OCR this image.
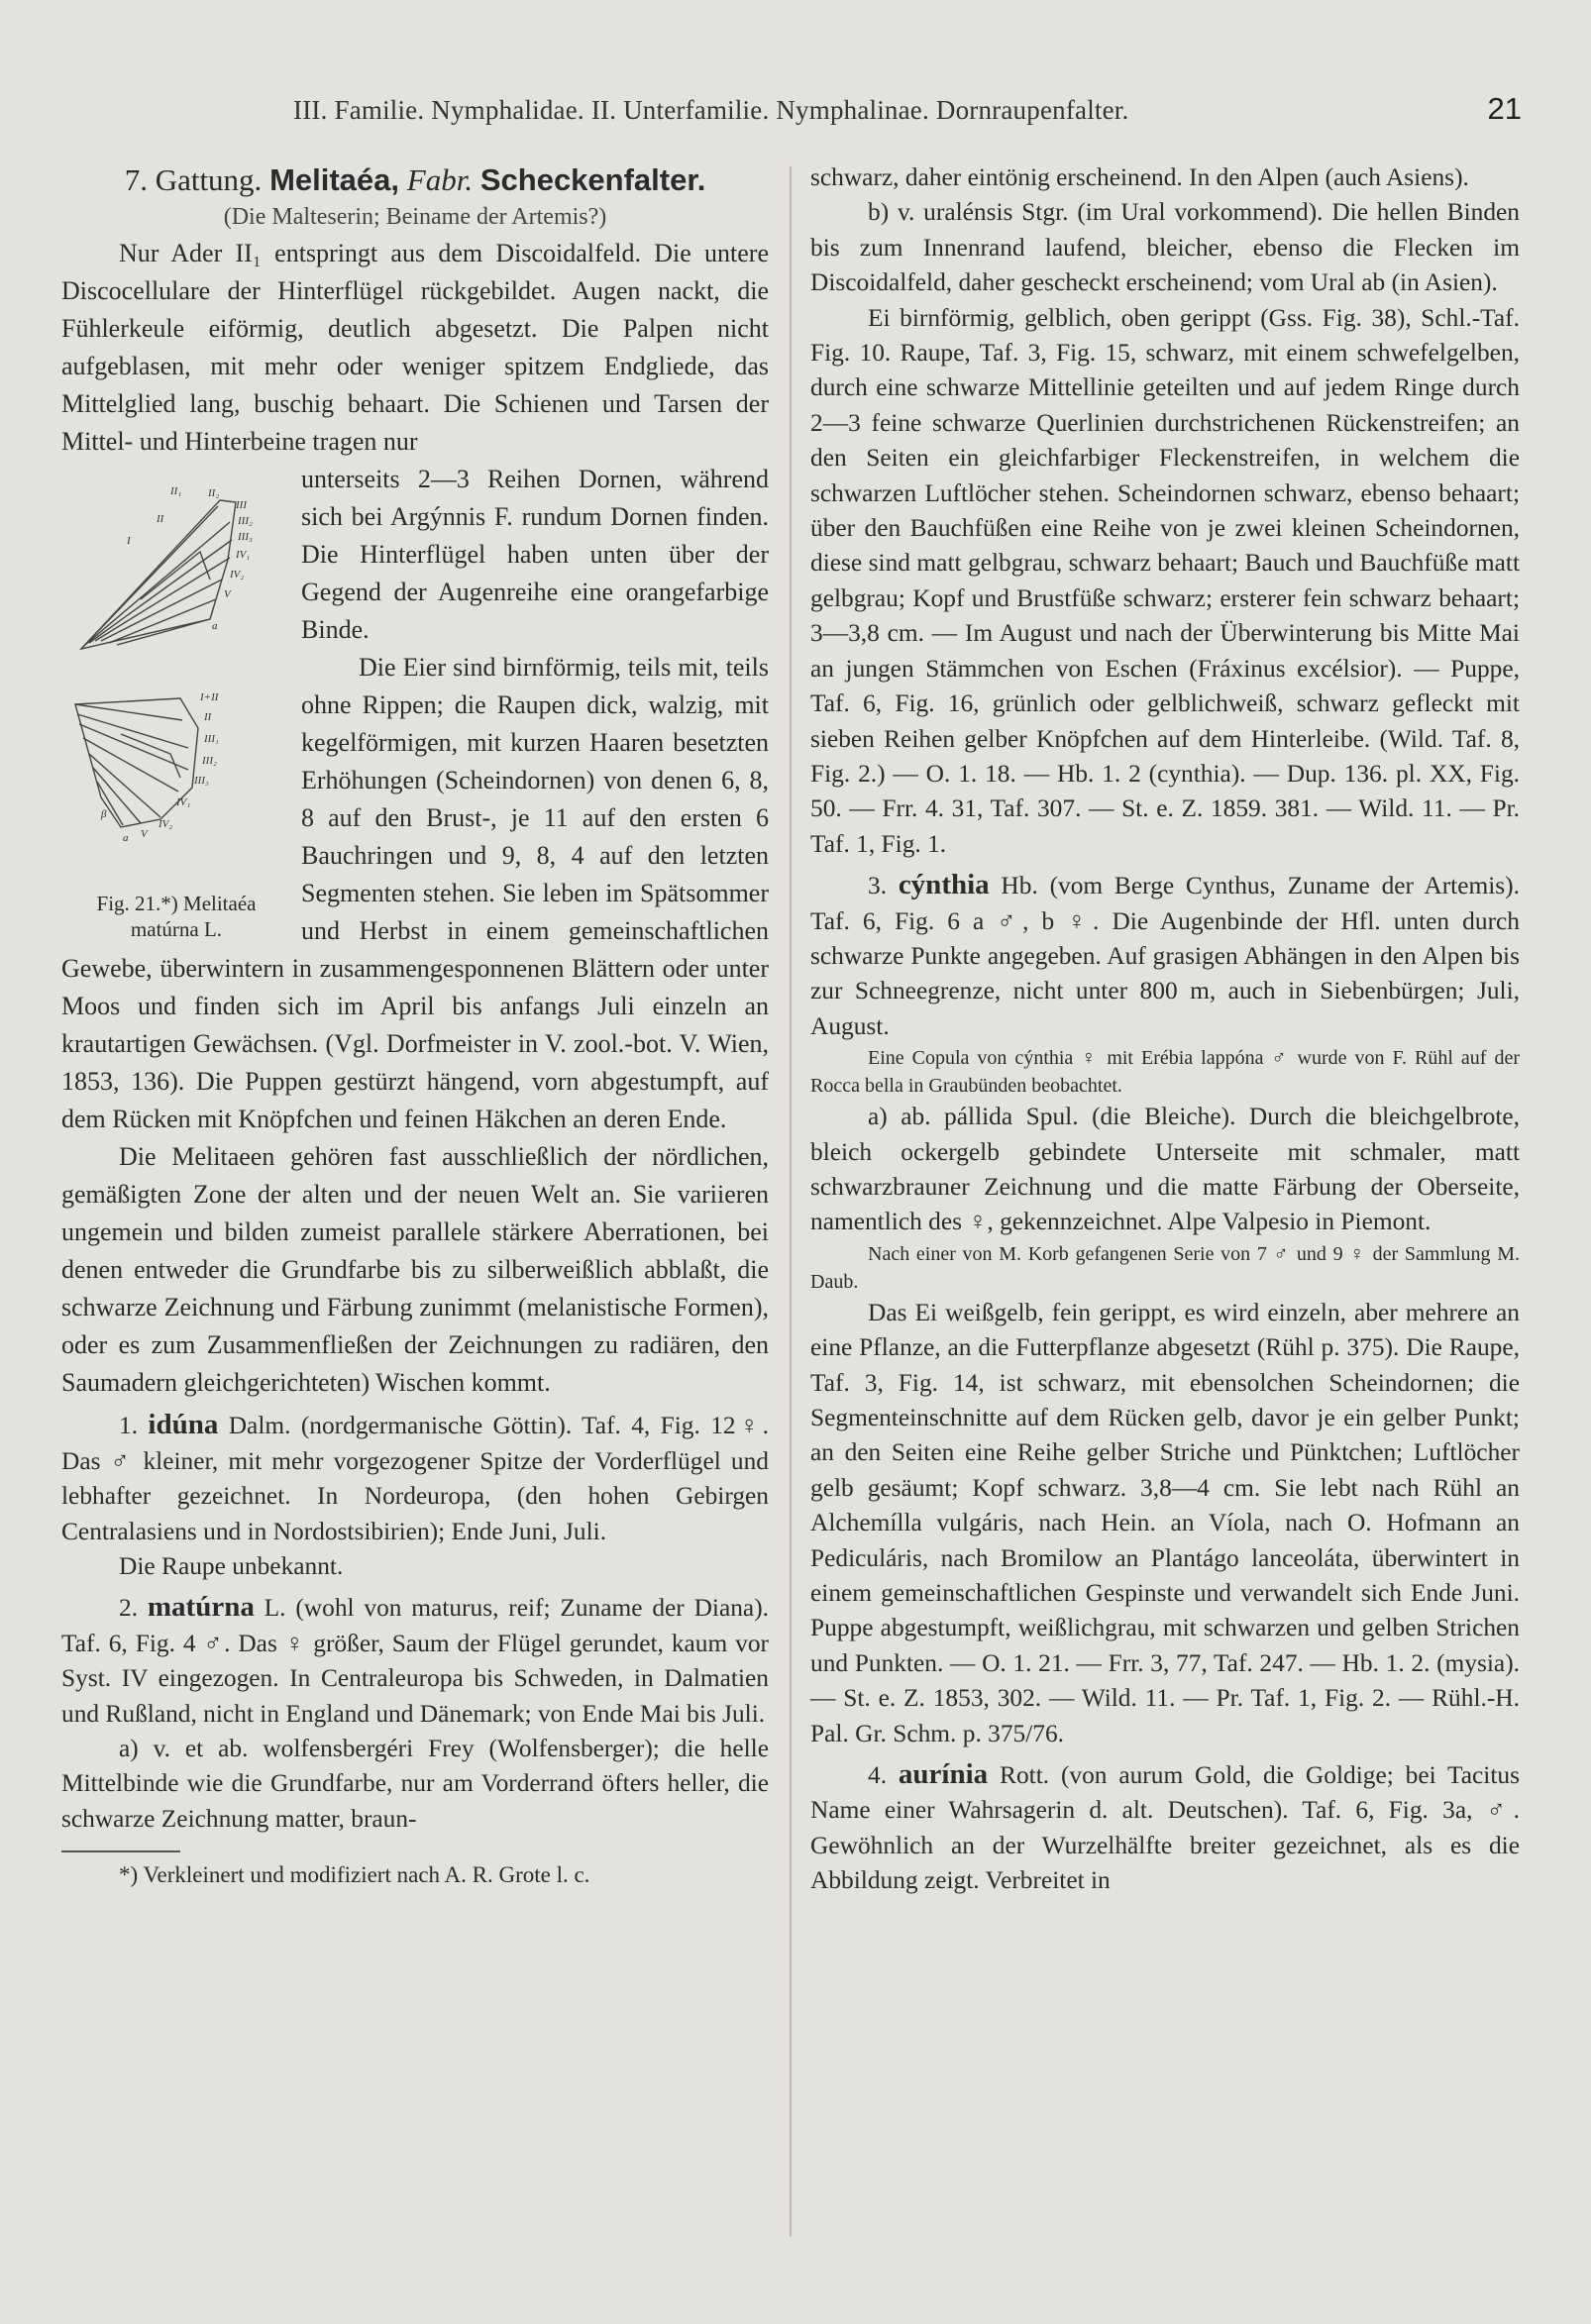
III. Familie. Nymphalidae. II. Unterfamilie. Nymphalinae. Dornraupenfalter.	21

7. Gattung. Melitaéa, Fabr. Scheckenfalter.

(Die Malteserin; Beiname der Artemis?)

Nur Ader II₁ entspringt aus dem Discoidalfeld. Die untere Discocellulare der Hinterflügel rückgebildet. Augen nackt, die Fühlerkeule eiförmig, deutlich abgesetzt. Die Palpen nicht aufgeblasen, mit mehr oder weniger spitzem Endgliede, das Mittelglied lang, buschig behaart. Die Schienen und Tarsen der Mittel- und Hinterbeine tragen nur

II₁ II₂
III
III₂
III₃
IV₁
IV₂
V
a
II
I
I+II
II
III₁
III₂
III₃
IV₁
IV₂
V
a
β
Fig. 21.*) Melitaéa
matúrna L.

unterseits 2—3 Reihen Dornen, während sich bei Argýnnis F. rundum Dornen finden. Die Hinterflügel haben unten über der Gegend der Augenreihe eine orangefarbige Binde.

Die Eier sind birnförmig, teils mit, teils ohne Rippen; die Raupen dick, walzig, mit kegelförmigen, mit kurzen Haaren besetzten Erhöhungen (Scheindornen) von denen 6, 8, 8 auf den Brust-, je 11 auf den ersten 6 Bauchringen und 9, 8, 4 auf den letzten Segmenten stehen. Sie leben im Spätsommer und Herbst in einem gemeinschaftlichen Gewebe, überwintern in zusammengesponnenen Blättern oder unter Moos und finden sich im April bis anfangs Juli einzeln an krautartigen Gewächsen. (Vgl. Dorfmeister in V. zool.-bot. V. Wien, 1853, 136). Die Puppen gestürzt hängend, vorn abgestumpft, auf dem Rücken mit Knöpfchen und feinen Häkchen an deren Ende.

Die Melitaeen gehören fast ausschließlich der nördlichen, gemäßigten Zone der alten und der neuen Welt an. Sie variieren ungemein und bilden zumeist parallele stärkere Aberrationen, bei denen entweder die Grundfarbe bis zu silberweißlich abblaßt, die schwarze Zeichnung und Färbung zunimmt (melanistische Formen), oder es zum Zusammenfließen der Zeichnungen zu radiären, den Saumadern gleichgerichteten) Wischen kommt.

1. idúna Dalm. (nordgermanische Göttin). Taf. 4, Fig. 12♀. Das ♂ kleiner, mit mehr vorgezogener Spitze der Vorderflügel und lebhafter gezeichnet. In Nordeuropa, (den hohen Gebirgen Centralasiens und in Nordostsibirien); Ende Juni, Juli.

Die Raupe unbekannt.

2. matúrna L. (wohl von maturus, reif; Zuname der Diana). Taf. 6, Fig. 4 ♂. Das ♀ größer, Saum der Flügel gerundet, kaum vor Syst. IV eingezogen. In Centraleuropa bis Schweden, in Dalmatien und Rußland, nicht in England und Dänemark; von Ende Mai bis Juli.

a) v. et ab. wolfensbergéri Frey (Wolfensberger); die helle Mittelbinde wie die Grundfarbe, nur am Vorderrand öfters heller, die schwarze Zeichnung matter, braun-

*) Verkleinert und modifiziert nach A. R. Grote l. c.

schwarz, daher eintönig erscheinend. In den Alpen (auch Asiens).

b) v. uralénsis Stgr. (im Ural vorkommend). Die hellen Binden bis zum Innenrand laufend, bleicher, ebenso die Flecken im Discoidalfeld, daher gescheckt erscheinend; vom Ural ab (in Asien).

Ei birnförmig, gelblich, oben gerippt (Gss. Fig. 38), Schl.-Taf. Fig. 10. Raupe, Taf. 3, Fig. 15, schwarz, mit einem schwefelgelben, durch eine schwarze Mittellinie geteilten und auf jedem Ringe durch 2—3 feine schwarze Querlinien durchstrichenen Rückenstreifen; an den Seiten ein gleichfarbiger Fleckenstreifen, in welchem die schwarzen Luftlöcher stehen. Scheindornen schwarz, ebenso behaart; über den Bauchfüßen eine Reihe von je zwei kleinen Scheindornen, diese sind matt gelbgrau, schwarz behaart; Bauch und Bauchfüße matt gelbgrau; Kopf und Brustfüße schwarz; ersterer fein schwarz behaart; 3—3,8 cm. — Im August und nach der Überwinterung bis Mitte Mai an jungen Stämmchen von Eschen (Fráxinus excélsior). — Puppe, Taf. 6, Fig. 16, grünlich oder gelblichweiß, schwarz gefleckt mit sieben Reihen gelber Knöpfchen auf dem Hinterleibe. (Wild. Taf. 8, Fig. 2.) — O. 1. 18. — Hb. 1. 2 (cynthia). — Dup. 136. pl. XX, Fig. 50. — Frr. 4. 31, Taf. 307. — St. e. Z. 1859. 381. — Wild. 11. — Pr. Taf. 1, Fig. 1.

3. cýnthia Hb. (vom Berge Cynthus, Zuname der Artemis). Taf. 6, Fig. 6 a ♂, b ♀. Die Augenbinde der Hfl. unten durch schwarze Punkte angegeben. Auf grasigen Abhängen in den Alpen bis zur Schneegrenze, nicht unter 800 m, auch in Siebenbürgen; Juli, August.

Eine Copula von cýnthia ♀ mit Erébia lappóna ♂ wurde von F. Rühl auf der Rocca bella in Graubünden beobachtet.

a) ab. pállida Spul. (die Bleiche). Durch die bleichgelbrote, bleich ockergelb gebindete Unterseite mit schmaler, matt schwarzbrauner Zeichnung und die matte Färbung der Oberseite, namentlich des ♀, gekennzeichnet. Alpe Valpesio in Piemont.

Nach einer von M. Korb gefangenen Serie von 7 ♂ und 9 ♀ der Sammlung M. Daub.

Das Ei weißgelb, fein gerippt, es wird einzeln, aber mehrere an eine Pflanze, an die Futterpflanze abgesetzt (Rühl p. 375). Die Raupe, Taf. 3, Fig. 14, ist schwarz, mit ebensolchen Scheindornen; die Segmenteinschnitte auf dem Rücken gelb, davor je ein gelber Punkt; an den Seiten eine Reihe gelber Striche und Pünktchen; Luftlöcher gelb gesäumt; Kopf schwarz. 3,8—4 cm. Sie lebt nach Rühl an Alchemílla vulgáris, nach Hein. an Víola, nach O. Hofmann an Pediculáris, nach Bromilow an Plantágo lanceoláta, überwintert in einem gemeinschaftlichen Gespinste und verwandelt sich Ende Juni. Puppe abgestumpft, weißlichgrau, mit schwarzen und gelben Strichen und Punkten. — O. 1. 21. — Frr. 3, 77, Taf. 247. — Hb. 1. 2. (mysia). — St. e. Z. 1853, 302. — Wild. 11. — Pr. Taf. 1, Fig. 2. — Rühl.-H. Pal. Gr. Schm. p. 375/76.

4. aurínia Rott. (von aurum Gold, die Goldige; bei Tacitus Name einer Wahrsagerin d. alt. Deutschen). Taf. 6, Fig. 3a, ♂. Gewöhnlich an der Wurzelhälfte breiter gezeichnet, als es die Abbildung zeigt. Verbreitet in
